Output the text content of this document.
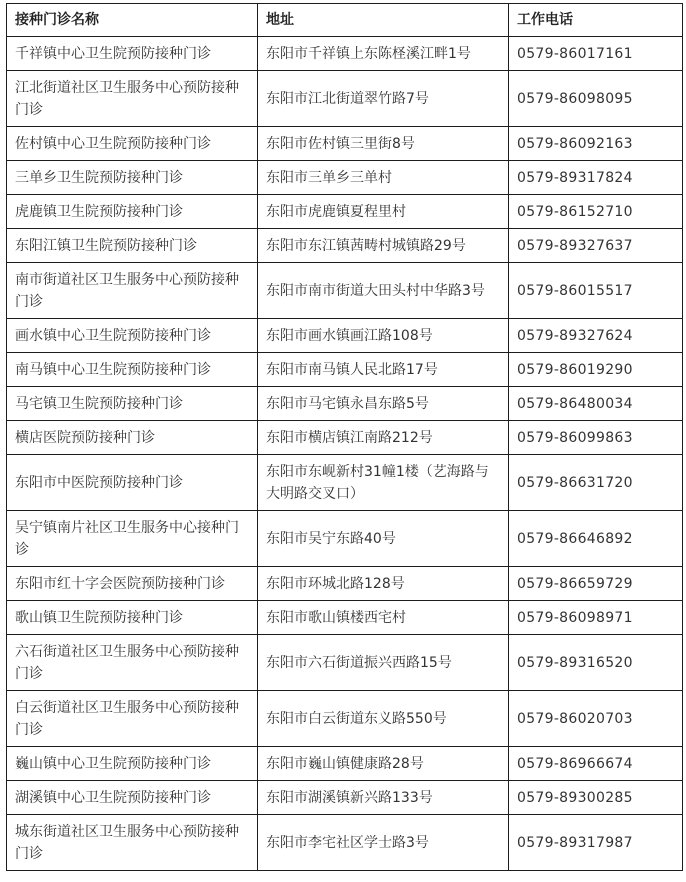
接种门诊名称	地址	工作电话
千祥镇中心卫生院预防接种门诊	东阳市千祥镇上东陈柽溪江畔1号	0579-86017161
江北街道社区卫生服务中心预防接种门诊	东阳市江北街道翠竹路7号	0579-86098095
佐村镇中心卫生院预防接种门诊	东阳市佐村镇三里街8号	0579-86092163
三单乡卫生院预防接种门诊	东阳市三单乡三单村	0579-89317824
虎鹿镇卫生院预防接种门诊	东阳市虎鹿镇夏程里村	0579-86152710
东阳江镇卫生院预防接种门诊	东阳市东江镇茜畴村城镇路29号	0579-89327637
南市街道社区卫生服务中心预防接种门诊	东阳市南市街道大田头村中华路3号	0579-86015517
画水镇中心卫生院预防接种门诊	东阳市画水镇画江路108号	0579-89327624
南马镇中心卫生院预防接种门诊	东阳市南马镇人民北路17号	0579-86019290
马宅镇卫生院预防接种门诊	东阳市马宅镇永昌东路5号	0579-86480034
横店医院预防接种门诊	东阳市横店镇江南路212号	0579-86099863
东阳市中医院预防接种门诊	东阳市东岘新村31幢1楼（艺海路与大明路交叉口）	0579-86631720
吴宁镇南片社区卫生服务中心接种门诊	东阳市吴宁东路40号	0579-86646892
东阳市红十字会医院预防接种门诊	东阳市环城北路128号	0579-86659729
歌山镇卫生院预防接种门诊	东阳市歌山镇楼西宅村	0579-86098971
六石街道社区卫生服务中心预防接种门诊	东阳市六石街道振兴西路15号	0579-89316520
白云街道社区卫生服务中心预防接种门诊	东阳市白云街道东义路550号	0579-86020703
巍山镇中心卫生院预防接种门诊	东阳市巍山镇健康路28号	0579-86966674
湖溪镇中心卫生院预防接种门诊	东阳市湖溪镇新兴路133号	0579-89300285
城东街道社区卫生服务中心预防接种门诊	东阳市李宅社区学士路3号	0579-89317987
